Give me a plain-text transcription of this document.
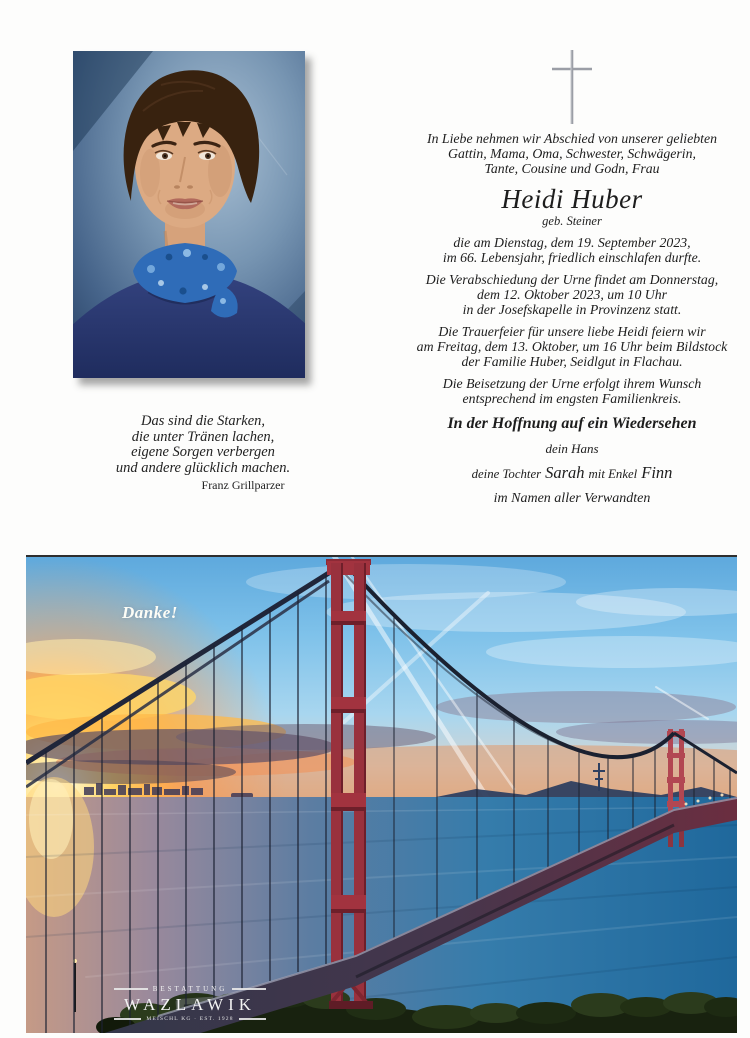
In Liebe nehmen wir Abschied von unserer geliebten
Gattin, Mama, Oma, Schwester, Schwägerin,
Tante, Cousine und Godn, Frau
Heidi Huber
geb. Steiner
die am Dienstag, dem 19. September 2023,
im 66. Lebensjahr, friedlich einschlafen durfte.
Die Verabschiedung der Urne findet am Donnerstag,
dem 12. Oktober 2023, um 10 Uhr
in der Josefskapelle in Provinzenz statt.
Die Trauerfeier für unsere liebe Heidi feiern wir
am Freitag, dem 13. Oktober, um 16 Uhr beim Bildstock
der Familie Huber, Seidlgut in Flachau.
Die Beisetzung der Urne erfolgt ihrem Wunsch
entsprechend im engsten Familienkreis.
In der Hoffnung auf ein Wiedersehen
dein Hans
deine Tochter Sarah mit Enkel Finn
im Namen aller Verwandten
Das sind die Starken,
die unter Tränen lachen,
eigene Sorgen verbergen
und andere glücklich machen.
Franz Grillparzer
Danke!
BESTATTUNG
WAZLAWIK
MEISCHL KG · EST. 1928
